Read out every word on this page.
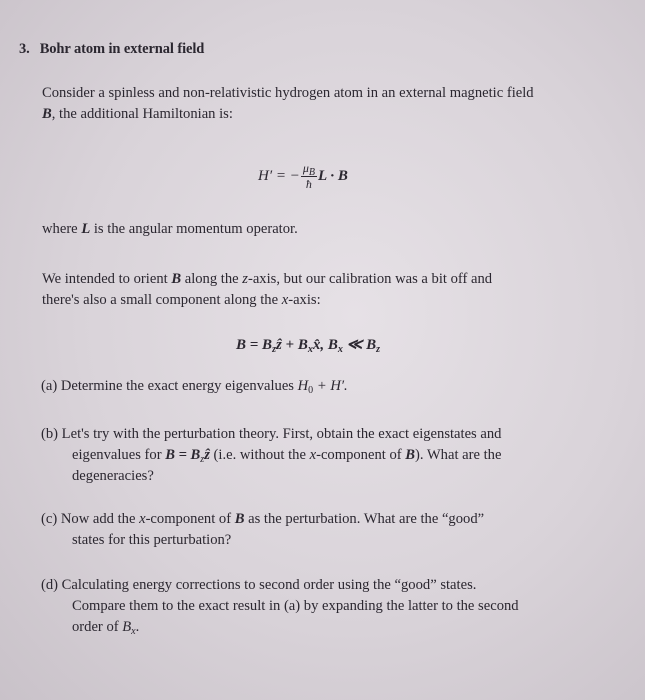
3. Bohr atom in external field
Consider a spinless and non-relativistic hydrogen atom in an external magnetic field
B, the additional Hamiltonian is:
H′ = − $\frac{\mu_B}{ħ}$ L · B
where L is the angular momentum operator.
We intended to orient B along the z-axis, but our calibration was a bit off and
there's also a small component along the x-axis:
$B = B_zẑ$ + $B_xx̂$, $B_x$ ≪ $B_z$
(a) Determine the exact energy eigenvalues $H_0 + H'$.
(b) Let's try with the perturbation theory. First, obtain the exact eigenstates and
eigenvalues for $B = B_zẑ$ (i.e. without the x-component of B). What are the
degeneracies?
(c) Now add the x-component of B as the perturbation. What are the “good”
states for this perturbation?
(d) Calculating energy corrections to second order using the “good” states.
Compare them to the exact result in (a) by expanding the latter to the second
order of $B_x$.
